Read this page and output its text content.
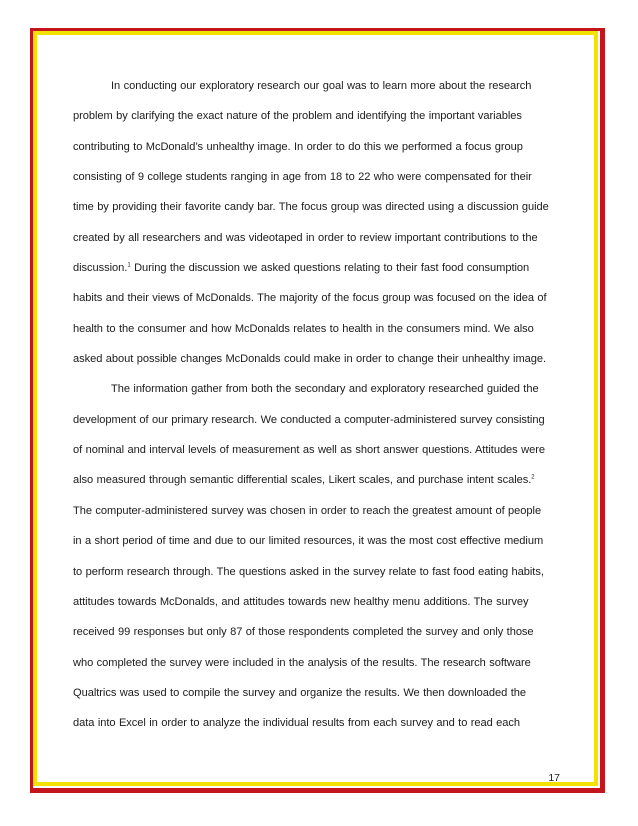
In conducting our exploratory research our goal was to learn more about the research
problem by clarifying the exact nature of the problem and identifying the important variables
contributing to McDonald’s unhealthy image. In order to do this we performed a focus group
consisting of 9 college students ranging in age from 18 to 22 who were compensated for their
time by providing their favorite candy bar. The focus group was directed using a discussion guide
created by all researchers and was videotaped in order to review important contributions to the
discussion.$^1$ During the discussion we asked questions relating to their fast food consumption
habits and their views of McDonalds. The majority of the focus group was focused on the idea of
health to the consumer and how McDonalds relates to health in the consumers mind. We also
asked about possible changes McDonalds could make in order to change their unhealthy image.
The information gather from both the secondary and exploratory researched guided the
development of our primary research. We conducted a computer-administered survey consisting
of nominal and interval levels of measurement as well as short answer questions. Attitudes were
also measured through semantic differential scales, Likert scales, and purchase intent scales.$^2$
The computer-administered survey was chosen in order to reach the greatest amount of people
in a short period of time and due to our limited resources, it was the most cost effective medium
to perform research through. The questions asked in the survey relate to fast food eating habits,
attitudes towards McDonalds, and attitudes towards new healthy menu additions. The survey
received 99 responses but only 87 of those respondents completed the survey and only those
who completed the survey were included in the analysis of the results. The research software
Qualtrics was used to compile the survey and organize the results. We then downloaded the
data into Excel in order to analyze the individual results from each survey and to read each
17
